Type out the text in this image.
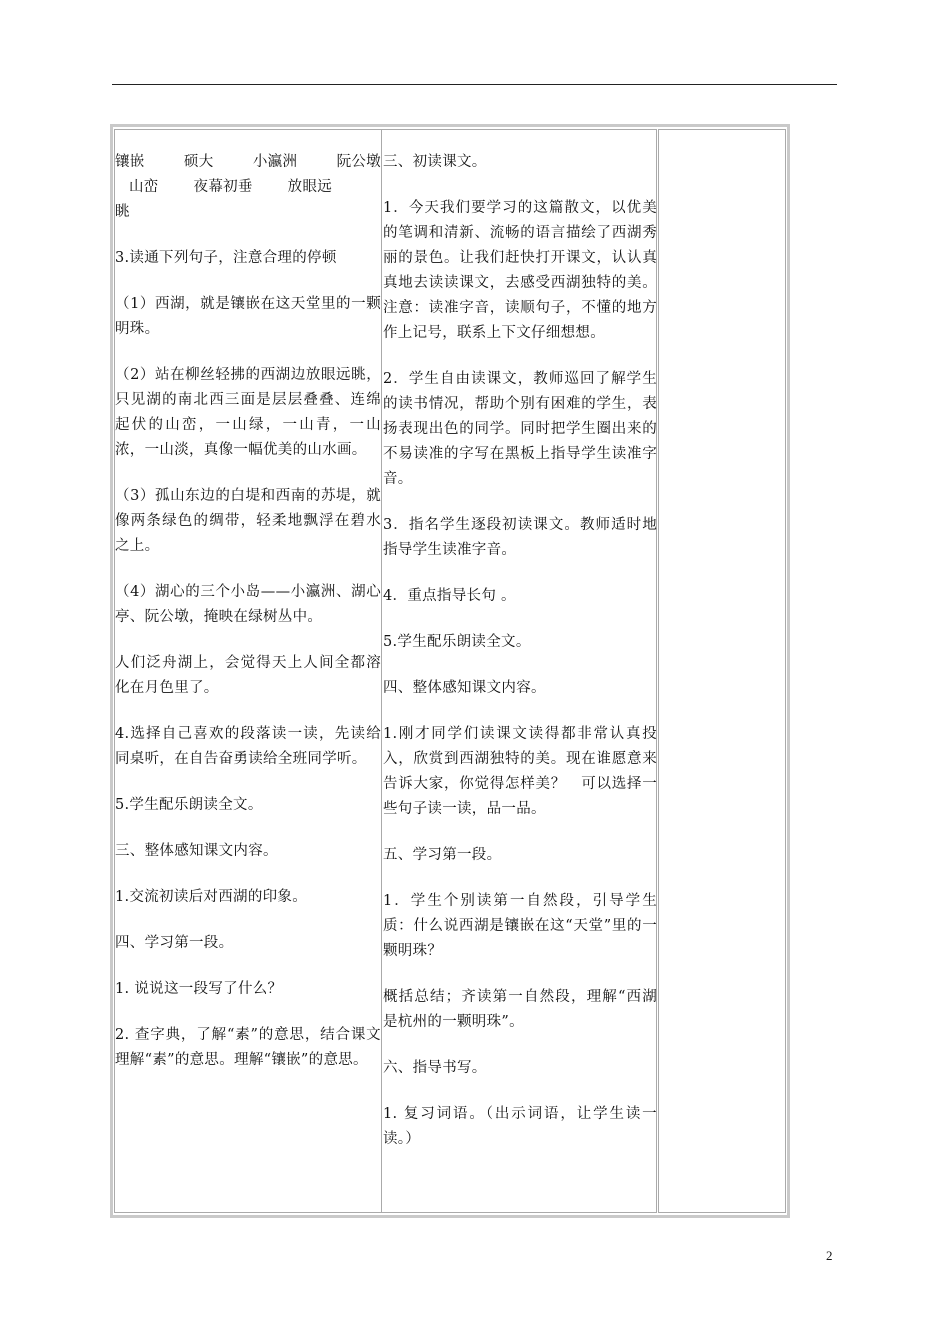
镶嵌	硕大	小瀛洲	阮公墩
山峦 夜幕初垂 放眼远

眺

3.读通下列句子，注意合理的停顿

（1）西湖，就是镶嵌在这天堂里的一颗明珠。

（2）站在柳丝轻拂的西湖边放眼远眺，只见湖的南北西三面是层层叠叠、连绵起伏的山峦，一山绿，一山青，一山浓，一山淡，真像一幅优美的山水画。

（3）孤山东边的白堤和西南的苏堤，就像两条绿色的绸带，轻柔地飘浮在碧水之上。

（4）湖心的三个小岛——小瀛洲、湖心亭、阮公墩，掩映在绿树丛中。

人们泛舟湖上，会觉得天上人间全都溶化在月色里了。

4.选择自己喜欢的段落读一读，先读给同桌听，在自告奋勇读给全班同学听。

5.学生配乐朗读全文。

三、整体感知课文内容。

1.交流初读后对西湖的印象。

四、学习第一段。

1. 说说这一段写了什么？

2. 查字典，了解“素”的意思，结合课文理解“素”的意思。理解“镶嵌”的意思。

三、初读课文。

1．今天我们要学习的这篇散文，以优美的笔调和清新、流畅的语言描绘了西湖秀丽的景色。让我们赶快打开课文，认认真真地去读读课文，去感受西湖独特的美。注意：读准字音，读顺句子，不懂的地方作上记号，联系上下文仔细想想。

2．学生自由读课文，教师巡回了解学生的读书情况，帮助个别有困难的学生，表扬表现出色的同学。同时把学生圈出来的不易读准的字写在黑板上指导学生读准字音。

3．指名学生逐段初读课文。教师适时地指导学生读准字音。

4．重点指导长句 。

5.学生配乐朗读全文。

四、整体感知课文内容。

1.刚才同学们读课文读得都非常认真投入，欣赏到西湖独特的美。现在谁愿意来告诉大家，你觉得怎样美？　可以选择一些句子读一读，品一品。

五、学习第一段。

1．学生个别读第一自然段，引导学生质：什么说西湖是镶嵌在这“天堂”里的一颗明珠？

概括总结；齐读第一自然段，理解“西湖是杭州的一颗明珠”。

六、指导书写。

1. 复习词语。（出示词语，让学生读一读。）

2
